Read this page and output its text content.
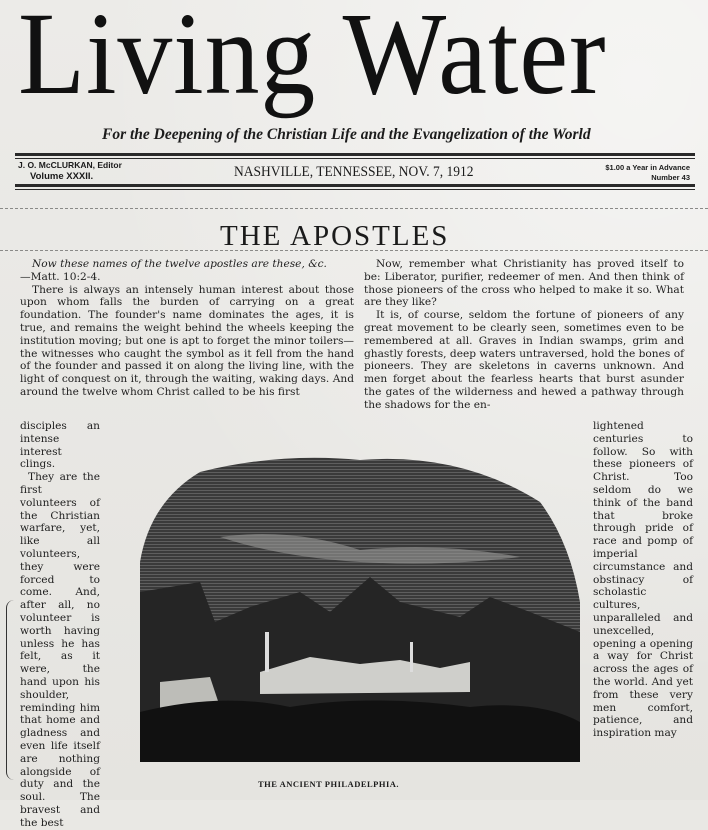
Living Water
For the Deepening of the Christian Life and the Evangelization of the World
J. O. McCLURKAN, Editor
Volume XXXII.	NASHVILLE, TENNESSEE, NOV. 7, 1912	$1.00 a Year in Advance
Number 43
THE APOSTLES

Now these names of the twelve apostles are these, &c.

—Matt. 10:2-4.

There is always an intensely human interest about those upon whom falls the burden of carrying on a great foundation. The founder's name dominates the ages, it is true, and remains the weight behind the wheels keeping the institution moving; but one is apt to forget the minor toilers—the witnesses who caught the symbol as it fell from the hand of the founder and passed it on along the living line, with the light of conquest on it, through the waiting, waking days. And around the twelve whom Christ called to be his first

disciples an intense interest clings.

They are the first volunteers of the Christian warfare, yet, like all volunteers, they were forced to come. And, after all, no volunteer is worth having unless he has felt, as it were, the hand upon his shoulder, reminding him that home and gladness and even life itself are nothing alongside of duty and the soul. The bravest and the best

Now, remember what Christianity has proved itself to be: Liberator, purifier, redeemer of men. And then think of those pioneers of the cross who helped to make it so. What are they like?

It is, of course, seldom the fortune of pioneers of any great movement to be clearly seen, sometimes even to be remembered at all. Graves in Indian swamps, grim and ghastly forests, deep waters untraversed, hold the bones of pioneers. They are skeletons in caverns unknown. And men forget about the fearless hearts that burst asunder the gates of the wilderness and hewed a pathway through the shadows for the en-

lightened centuries to follow. So with these pioneers of Christ. Too seldom do we think of the band that broke through pride of race and pomp of imperial circumstance and obstinacy of scholastic cultures, unparalleled and unexcelled, opening a opening a way for Christ across the ages of the world. And yet from these very men comfort, patience, and inspiration may

THE ANCIENT PHILADELPHIA.
